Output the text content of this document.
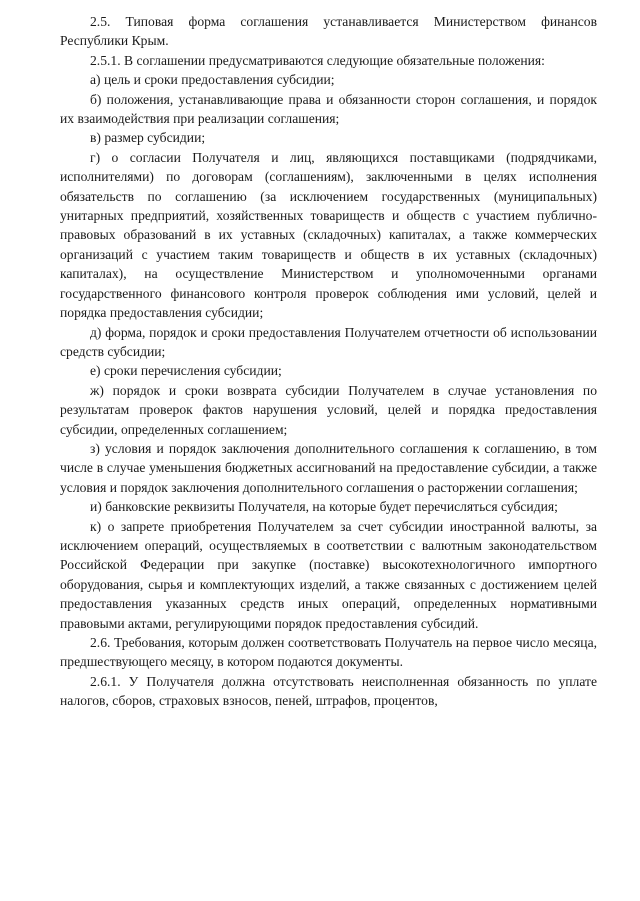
2.5. Типовая форма соглашения устанавливается Министерством финансов Республики Крым.

2.5.1. В соглашении предусматриваются следующие обязательные положения:

а) цель и сроки предоставления субсидии;

б) положения, устанавливающие права и обязанности сторон соглашения, и порядок их взаимодействия при реализации соглашения;

в) размер субсидии;

г) о согласии Получателя и лиц, являющихся поставщиками (подрядчиками, исполнителями) по договорам (соглашениям), заключенными в целях исполнения обязательств по соглашению (за исключением государственных (муниципальных) унитарных предприятий, хозяйственных товариществ и обществ с участием публично-правовых образований в их уставных (складочных) капиталах, а также коммерческих организаций с участием таким товариществ и обществ в их уставных (складочных) капиталах), на осуществление Министерством и уполномоченными органами государственного финансового контроля проверок соблюдения ими условий, целей и порядка предоставления субсидии;

д) форма, порядок и сроки предоставления Получателем отчетности об использовании средств субсидии;

е) сроки перечисления субсидии;

ж) порядок и сроки возврата субсидии Получателем в случае установления по результатам проверок фактов нарушения условий, целей и порядка предоставления субсидии, определенных соглашением;

з) условия и порядок заключения дополнительного соглашения к соглашению, в том числе в случае уменьшения бюджетных ассигнований на предоставление субсидии, а также условия и порядок заключения дополнительного соглашения о расторжении соглашения;

и) банковские реквизиты Получателя, на которые будет перечисляться субсидия;

к) о запрете приобретения Получателем за счет субсидии иностранной валюты, за исключением операций, осуществляемых в соответствии с валютным законодательством Российской Федерации при закупке (поставке) высокотехнологичного импортного оборудования, сырья и комплектующих изделий, а также связанных с достижением целей предоставления указанных средств иных операций, определенных нормативными правовыми актами, регулирующими порядок предоставления субсидий.

2.6. Требования, которым должен соответствовать Получатель на первое число месяца, предшествующего месяцу, в котором подаются документы.

2.6.1. У Получателя должна отсутствовать неисполненная обязанность по уплате налогов, сборов, страховых взносов, пеней, штрафов, процентов,
